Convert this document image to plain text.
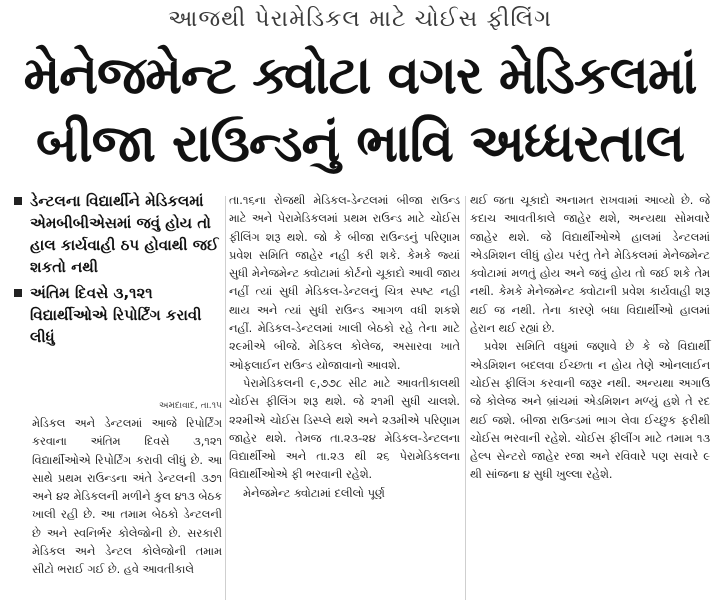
આજથી પેરામેડિકલ માટે ચોઈસ ફીલિંગ
મેનેજમેન્ટ ક્વોટા વગર મેડિકલમાં
બીજા રાઉન્ડનું ભાવિ અધ્ધરતાલ
ડેન્ટલના વિદ્યાર્થીને મેડિકલમાં એમબીબીએસમાં જવું હોય તો હાલ કાર્યવાહી ઠપ હોવાથી જઈ શકતો નથી
અંતિમ દિવસે ૩,૧૨૧ વિદ્યાર્થીઓએ રિપોર્ટિંગ કરાવી લીધું
અમદાવાદ, તા.૧૫

મેડિકલ અને ડેન્ટલમાં આજે રિપોર્ટિંગ કરવાના અંતિમ દિવસે ૩,૧૨૧ વિદ્યાર્થીઓએ રિપોર્ટિંગ કરાવી લીધું છે. આ સાથે પ્રથમ રાઉન્ડના અંતે ડેન્ટલની ૩૭૧ અને ૪૨ મેડિકલની મળીને કુલ ૪૧૩ બેઠક ખાલી રહી છે. આ તમામ બેઠકો ડેન્ટલની છે અને સ્વનિર્ભર કોલેજોની છે. સરકારી મેડિકલ અને ડેન્ટલ કોલેજોની તમામ સીટો ભરાઈ ગઈ છે. હવે આવતીકાલે

તા.૧૬ના રોજથી મેડિકલ-ડેન્ટલમાં બીજા રાઉન્ડ માટે અને પેરામેડિકલમાં પ્રથમ રાઉન્ડ માટે ચોઈસ ફીલિંગ શરૂ થશે. જો કે બીજા રાઉન્ડનું પરિણામ પ્રવેશ સમિતિ જાહેર નહી કરી શકે. કેમકે જ્યાં સુધી મેનેજમેન્ટ ક્વોટામાં કોર્ટનો ચૂકાદો આવી જાય નહીં ત્યાં સુધી મેડિકલ-ડેન્ટલનું ચિત્ર સ્પષ્ટ નહી થાય અને ત્યાં સુધી રાઉન્ડ આગળ વધી શકશે નહીં. મેડિકલ-ડેન્ટલમાં ખાલી બેઠકો રહે તેના માટે ૨૯મીએ બીજે. મેડિકલ કોલેજ, અસારવા ખાતે ઓફલાઈન રાઉન્ડ યોજાવાનો આવશે.

પેરામેડિકલની ૯,૭૭૮ સીટ માટે આવતીકાલથી ચોઈસ ફીલિંગ શરૂ થશે. જે ૨૧મી સુધી ચાલશે. ૨૨મીએ ચોઈસ ડિસ્પ્લે થશે અને ૨૩મીએ પરિણામ જાહેર થશે. તેમજ તા.૨૩-૨૪ મેડિકલ-ડેન્ટલના વિદ્યાર્થીઓ અને તા.૨૩ થી ૨૬ પેરામેડિકલના વિદ્યાર્થીઓએ ફી ભરવાની રહેશે.

મેનેજમેન્ટ ક્વોટામાં દલીલો પૂર્ણ

થઈ જતા ચૂકાદો અનામત રાખવામાં આવ્યો છે. જે કદાચ આવતીકાલે જાહેર થશે, અન્યથા સોમવારે જાહેર થશે. જે વિદ્યાર્થીઓએ હાલમાં ડેન્ટલમાં એડમિશન લીધું હોય પરંતુ તેને મેડિકલમાં મેનેજમેન્ટ ક્વોટામાં મળતું હોય અને જવું હોય તો જઈ શકે તેમ નથી. કેમકે મેનેજમેન્ટ ક્વોટાની પ્રવેશ કાર્યવાહી શરૂ થઈ જ નથી. તેના કારણે બધા વિદ્યાર્થીઓ હાલમાં હેરાન થઈ રહ્યાં છે.

પ્રવેશ સમિતિ વધુમાં જણાવે છે કે જે વિદ્યાર્થી એડમિશન બદલવા ઈચ્છતા ન હોય તેણે ઓનલાઈન ચોઈસ ફીલિંગ કરવાની જરૂર નથી. અન્યથા અગાઉ જે કોલેજ અને બ્રાંચમાં એડમિશન મળ્યું હશે તે રદ થઈ જશે. બીજા રાઉન્ડમાં ભાગ લેવા ઈચ્છુક ફરીથી ચોઈસ ભરવાની રહેશે. ચોઈસ ફીલીંગ માટે તમામ ૧૩ હેલ્પ સેન્ટરો જાહેર રજા અને રવિવારે પણ સવારે ૯ થી સાંજના ૪ સુધી ખુલ્લા રહેશે.
